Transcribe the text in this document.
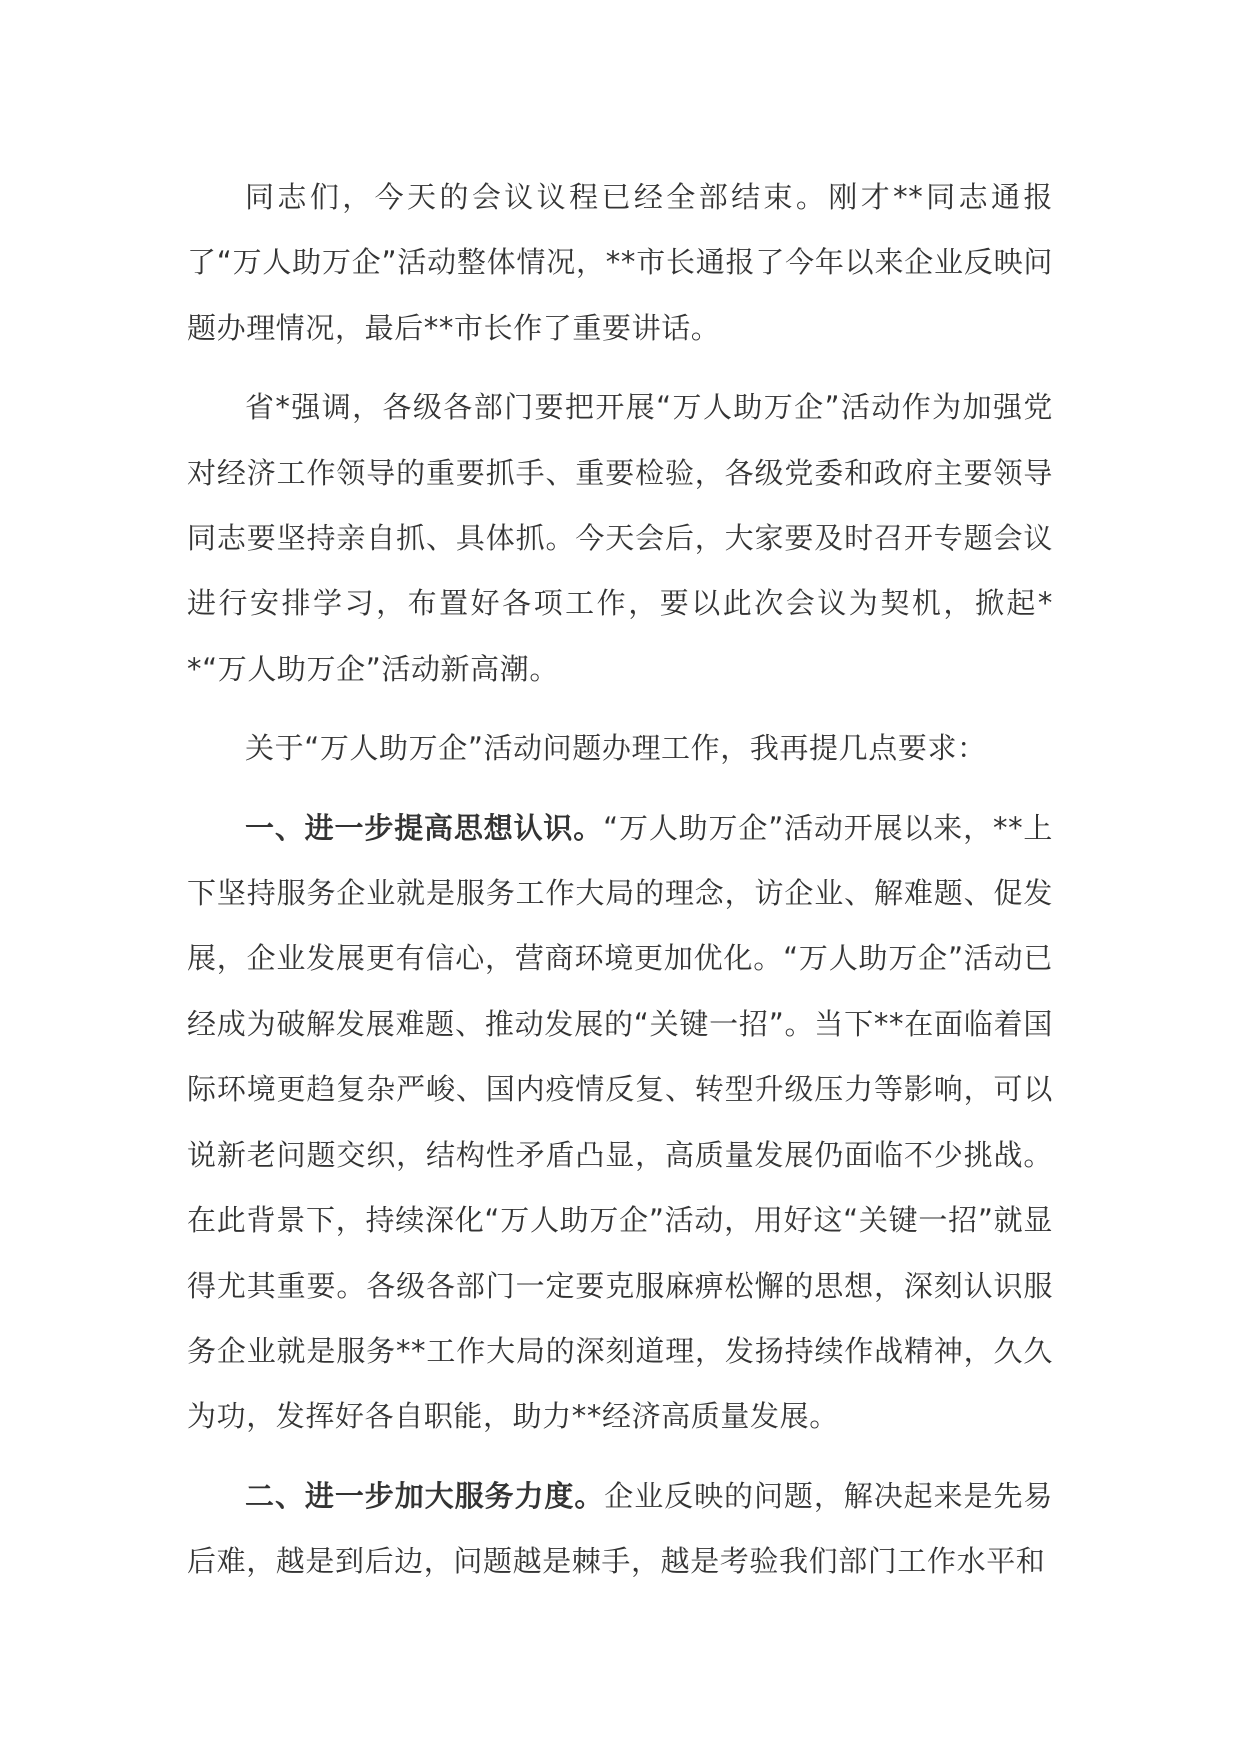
同志们，今天的会议议程已经全部结束。刚才**同志通报了“万人助万企”活动整体情况，**市长通报了今年以来企业反映问题办理情况，最后**市长作了重要讲话。

省*强调，各级各部门要把开展“万人助万企”活动作为加强党对经济工作领导的重要抓手、重要检验，各级党委和政府主要领导同志要坚持亲自抓、具体抓。今天会后，大家要及时召开专题会议进行安排学习，布置好各项工作，要以此次会议为契机，掀起**“万人助万企”活动新高潮。

关于“万人助万企”活动问题办理工作，我再提几点要求：

一、进一步提高思想认识。“万人助万企”活动开展以来，**上下坚持服务企业就是服务工作大局的理念，访企业、解难题、促发展，企业发展更有信心，营商环境更加优化。“万人助万企”活动已经成为破解发展难题、推动发展的“关键一招”。当下**在面临着国际环境更趋复杂严峻、国内疫情反复、转型升级压力等影响，可以说新老问题交织，结构性矛盾凸显，高质量发展仍面临不少挑战。在此背景下，持续深化“万人助万企”活动，用好这“关键一招”就显得尤其重要。各级各部门一定要克服麻痹松懈的思想，深刻认识服务企业就是服务**工作大局的深刻道理，发扬持续作战精神，久久为功，发挥好各自职能，助力**经济高质量发展。

二、进一步加大服务力度。企业反映的问题，解决起来是先易后难，越是到后边，问题越是棘手，越是考验我们部门工作水平和
